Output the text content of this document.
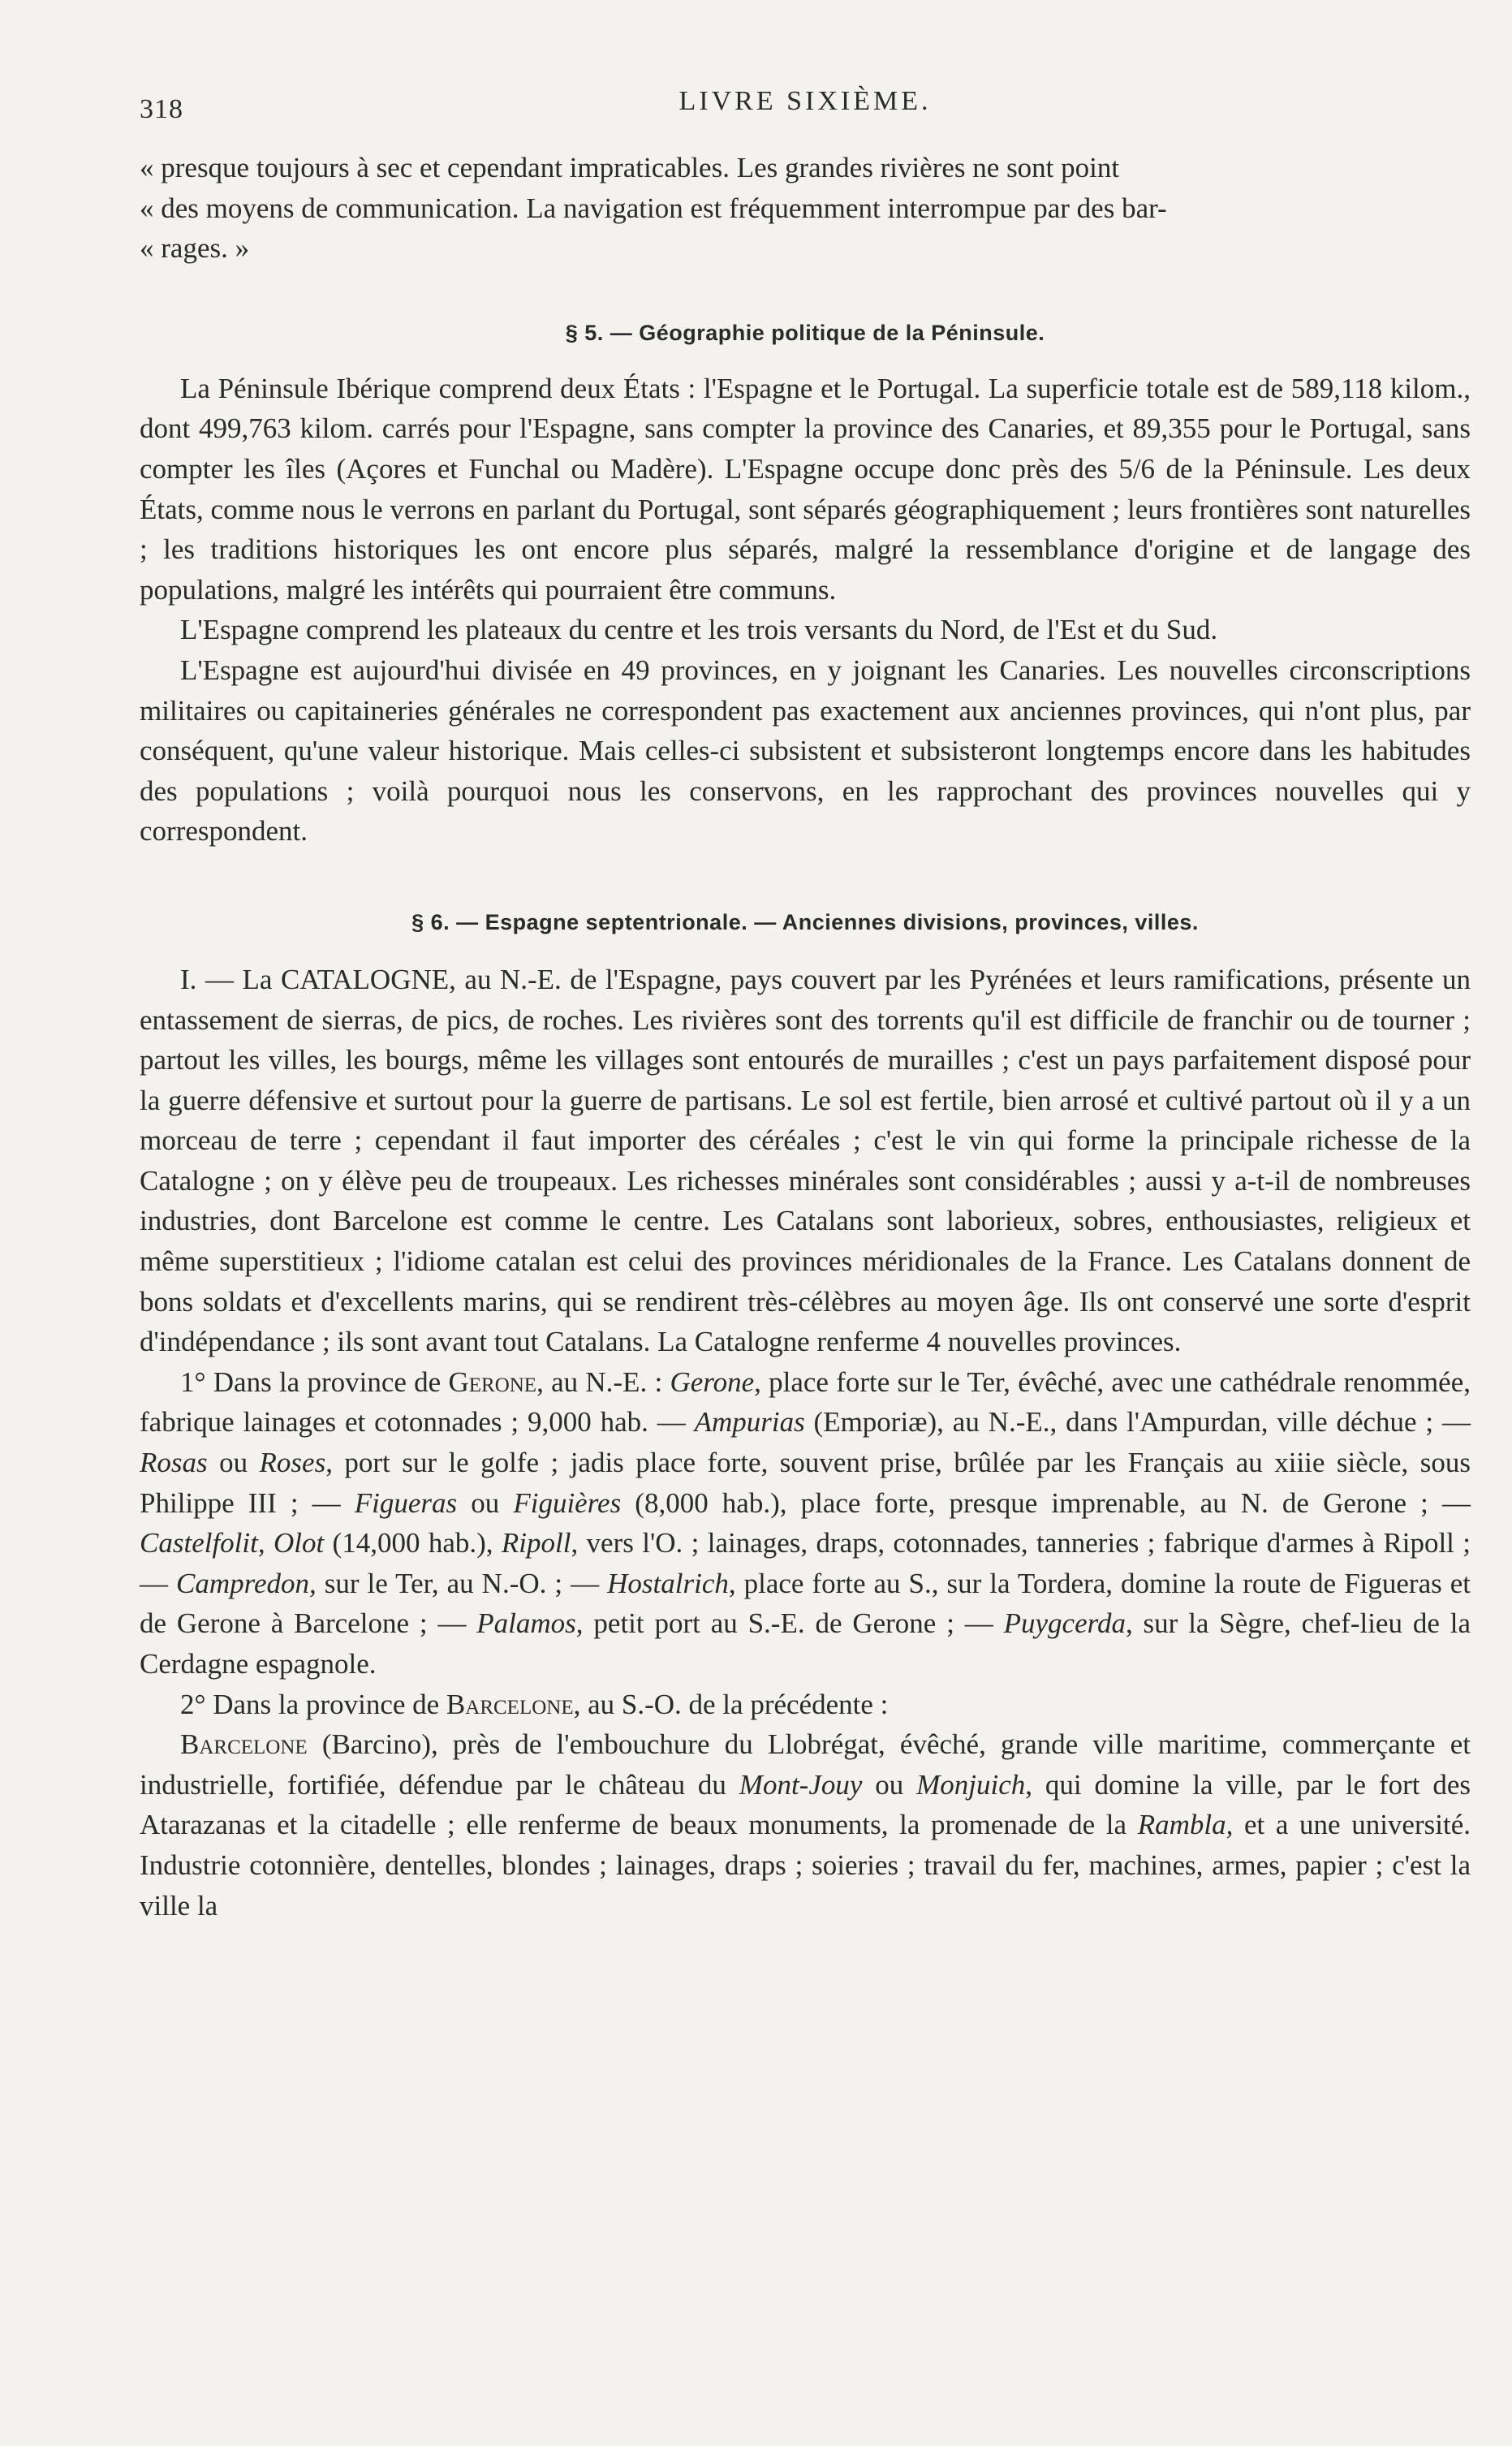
318	LIVRE SIXIÈME.

« presque toujours à sec et cependant impraticables. Les grandes rivières ne sont point
« des moyens de communication. La navigation est fréquemment interrompue par des bar-
« rages. »

§ 5. — Géographie politique de la Péninsule.

La Péninsule Ibérique comprend deux États : l'Espagne et le Portugal. La superficie totale est de 589,118 kilom., dont 499,763 kilom. carrés pour l'Espagne, sans compter la province des Canaries, et 89,355 pour le Portugal, sans compter les îles (Açores et Funchal ou Madère). L'Espagne occupe donc près des 5/6 de la Péninsule. Les deux États, comme nous le verrons en parlant du Portugal, sont séparés géographiquement ; leurs frontières sont naturelles ; les traditions historiques les ont encore plus séparés, malgré la ressemblance d'origine et de langage des populations, malgré les intérêts qui pourraient être communs.

L'Espagne comprend les plateaux du centre et les trois versants du Nord, de l'Est et du Sud.

L'Espagne est aujourd'hui divisée en 49 provinces, en y joignant les Canaries. Les nouvelles circonscriptions militaires ou capitaineries générales ne correspondent pas exactement aux anciennes provinces, qui n'ont plus, par conséquent, qu'une valeur historique. Mais celles-ci subsistent et subsisteront longtemps encore dans les habitudes des populations ; voilà pourquoi nous les conservons, en les rapprochant des provinces nouvelles qui y correspondent.

§ 6. — Espagne septentrionale. — Anciennes divisions, provinces, villes.

I. — La CATALOGNE, au N.-E. de l'Espagne, pays couvert par les Pyrénées et leurs ramifications, présente un entassement de sierras, de pics, de roches. Les rivières sont des torrents qu'il est difficile de franchir ou de tourner ; partout les villes, les bourgs, même les villages sont entourés de murailles ; c'est un pays parfaitement disposé pour la guerre défensive et surtout pour la guerre de partisans. Le sol est fertile, bien arrosé et cultivé partout où il y a un morceau de terre ; cependant il faut importer des céréales ; c'est le vin qui forme la principale richesse de la Catalogne ; on y élève peu de troupeaux. Les richesses minérales sont considérables ; aussi y a-t-il de nombreuses industries, dont Barcelone est comme le centre. Les Catalans sont laborieux, sobres, enthousiastes, religieux et même superstitieux ; l'idiome catalan est celui des provinces méridionales de la France. Les Catalans donnent de bons soldats et d'excellents marins, qui se rendirent très-célèbres au moyen âge. Ils ont conservé une sorte d'esprit d'indépendance ; ils sont avant tout Catalans. La Catalogne renferme 4 nouvelles provinces.

1° Dans la province de Gerone, au N.-E. : Gerone, place forte sur le Ter, évêché, avec une cathédrale renommée, fabrique lainages et cotonnades ; 9,000 hab. — Ampurias (Emporiæ), au N.-E., dans l'Ampurdan, ville déchue ; — Rosas ou Roses, port sur le golfe ; jadis place forte, souvent prise, brûlée par les Français au xiiie siècle, sous Philippe III ; — Figueras ou Figuières (8,000 hab.), place forte, presque imprenable, au N. de Gerone ; — Castelfolit, Olot (14,000 hab.), Ripoll, vers l'O. ; lainages, draps, cotonnades, tanneries ; fabrique d'armes à Ripoll ; — Campredon, sur le Ter, au N.-O. ; — Hostalrich, place forte au S., sur la Tordera, domine la route de Figueras et de Gerone à Barcelone ; — Palamos, petit port au S.-E. de Gerone ; — Puygcerda, sur la Sègre, chef-lieu de la Cerdagne espagnole.

2° Dans la province de Barcelone, au S.-O. de la précédente :

Barcelone (Barcino), près de l'embouchure du Llobrégat, évêché, grande ville maritime, commerçante et industrielle, fortifiée, défendue par le château du Mont-Jouy ou Monjuich, qui domine la ville, par le fort des Atarazanas et la citadelle ; elle renferme de beaux monuments, la promenade de la Rambla, et a une université. Industrie cotonnière, dentelles, blondes ; lainages, draps ; soieries ; travail du fer, machines, armes, papier ; c'est la ville la
